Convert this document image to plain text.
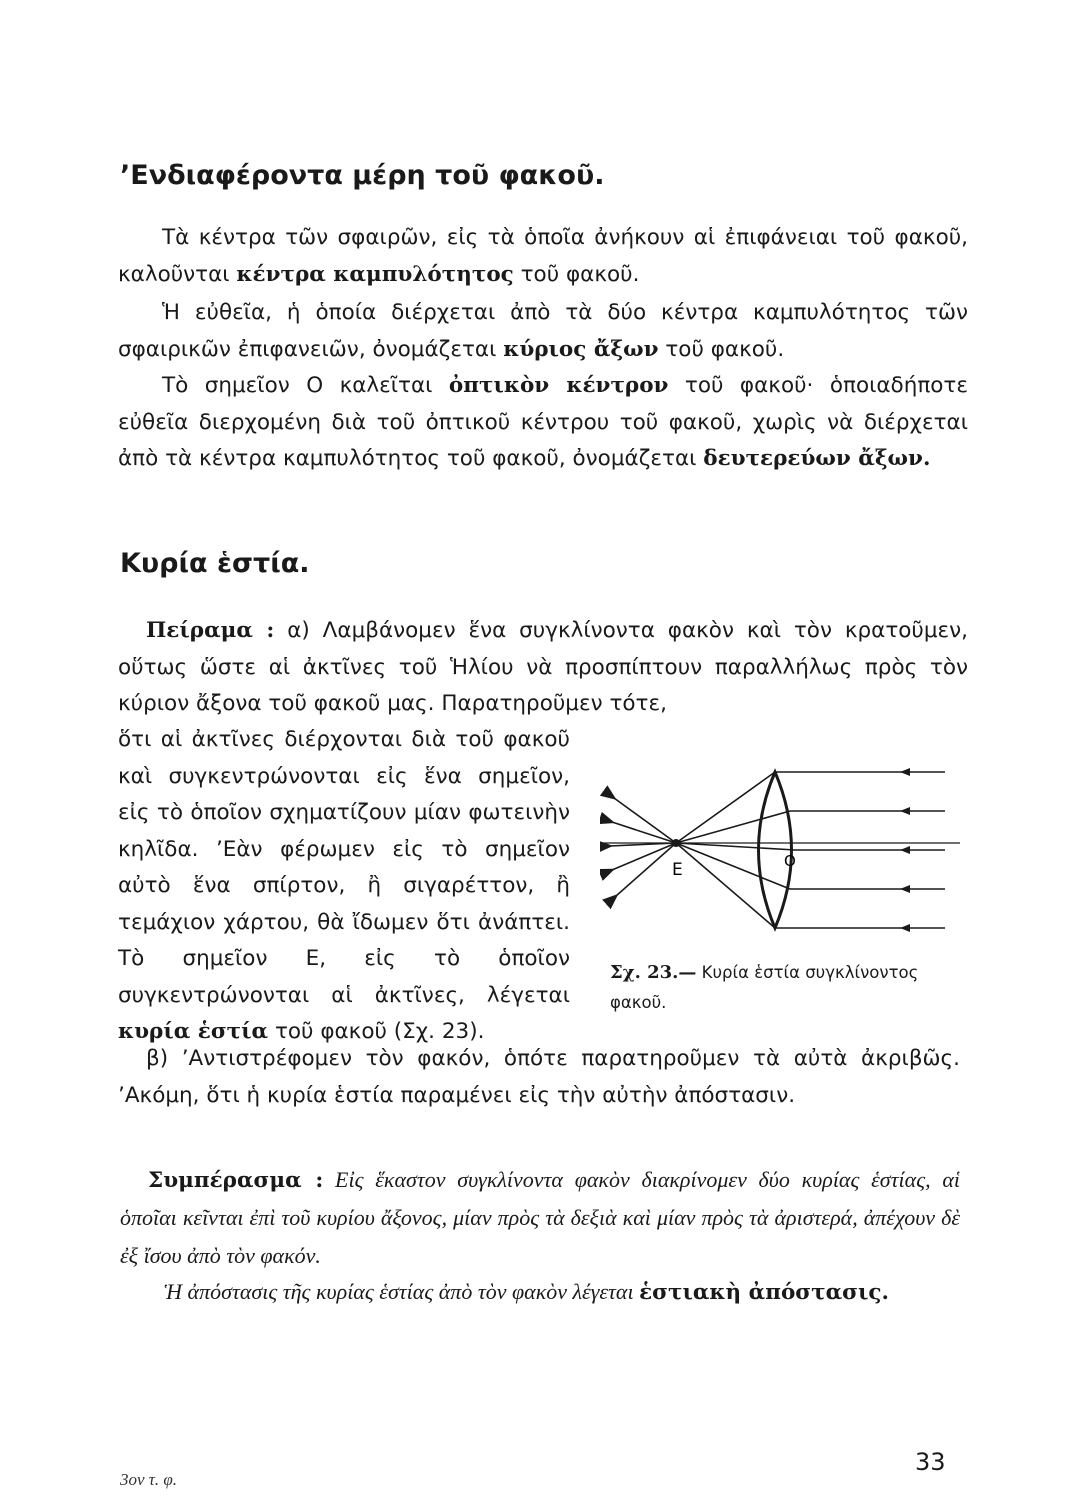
’Ενδιαφέροντα μέρη τοῦ φακοῦ.

Τὰ κέντρα τῶν σφαιρῶν, εἰς τὰ ὁποῖα ἀνήκουν αἱ ἐπιφάνειαι τοῦ φακοῦ, καλοῦνται κέντρα καμπυλότητος τοῦ φακοῦ.

Ἡ εὐθεῖα, ἡ ὁποία διέρχεται ἀπὸ τὰ δύο κέντρα καμπυλότητος τῶν σφαιρικῶν ἐπιφανειῶν, ὀνομάζεται κύριος ἄξων τοῦ φακοῦ.

Τὸ σημεῖον Ο καλεῖται ὀπτικὸν κέντρον τοῦ φακοῦ· ὁποιαδήποτε εὐθεῖα διερχομένη διὰ τοῦ ὀπτικοῦ κέντρου τοῦ φακοῦ, χωρὶς νὰ διέρχεται ἀπὸ τὰ κέντρα καμπυλότητος τοῦ φακοῦ, ὀνομάζεται δευτερεύων ἄξων.

Κυρία ἑστία.

Πείραμα : α) Λαμβάνομεν ἕνα συγκλίνοντα φακὸν καὶ τὸν κρατοῦμεν, οὕτως ὥστε αἱ ἀκτῖνες τοῦ Ἡλίου νὰ προσπίπτουν παραλλήλως πρὸς τὸν κύριον ἄξονα τοῦ φακοῦ μας. Παρατηροῦμεν τότε,

ὅτι αἱ ἀκτῖνες διέρχονται διὰ τοῦ φακοῦ καὶ συγκεντρώνονται εἰς ἕνα σημεῖον, εἰς τὸ ὁποῖον σχηματίζουν μίαν φωτεινὴν κηλῖδα. ’Εὰν φέρωμεν εἰς τὸ σημεῖον αὐτὸ ἕνα σπίρτον, ἢ σιγαρέττον, ἢ τεμάχιον χάρτου, θὰ ἴδωμεν ὅτι ἀνάπτει. Τὸ σημεῖον Ε, εἰς τὸ ὁποῖον συγκεντρώνονται αἱ ἀκτῖνες, λέγεται κυρία ἑστία τοῦ φακοῦ (Σχ. 23).

Ε	Ο

Σχ. 23.— Κυρία ἑστία συγκλίνοντος φακοῦ.

β) ’Αντιστρέφομεν τὸν φακόν, ὁπότε παρατηροῦμεν τὰ αὐτὰ ἀκριβῶς. ’Ακόμη, ὅτι ἡ κυρία ἑστία παραμένει εἰς τὴν αὐτὴν ἀπόστασιν.

Συμπέρασμα : Εἰς ἕκαστον συγκλίνοντα φακὸν διακρίνομεν δύο κυρίας ἑστίας, αἱ ὁποῖαι κεῖνται ἐπὶ τοῦ κυρίου ἄξονος, μίαν πρὸς τὰ δεξιὰ καὶ μίαν πρὸς τὰ ἀριστερά, ἀπέχουν δὲ ἐξ ἴσου ἀπὸ τὸν φακόν.

Ἡ ἀπόστασις τῆς κυρίας ἑστίας ἀπὸ τὸν φακὸν λέγεται ἑστιακὴ ἀπόστασις.

33
3ον τ. φ.
